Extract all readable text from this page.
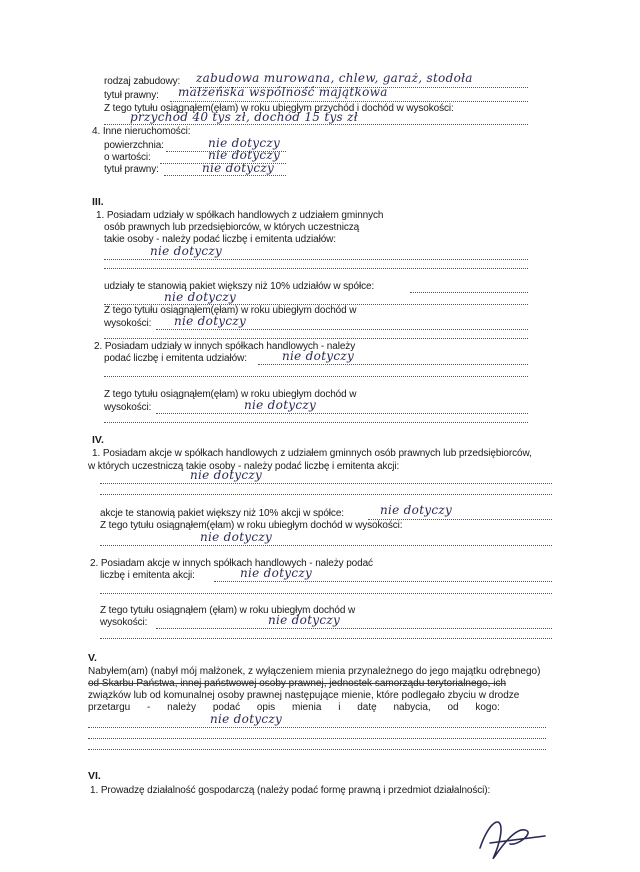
rodzaj zabudowy: zabudowa murowana, chlew, garaż, stodoła
tytuł prawny: małżeńska wspólność majątkowa
Z tego tytułu osiągnąłem(ęłam) w roku ubiegłym przychód i dochód w wysokości:
przychód 40 tys zł, dochód 15 tys zł
4. Inne nieruchomości:
powierzchnia:	nie dotyczy
o wartości:	nie dotyczy
tytuł prawny:	nie dotyczy
III.
1. Posiadam udziały w spółkach handlowych z udziałem gminnych
osób prawnych lub przedsiębiorców, w których uczestniczą
takie osoby - należy podać liczbę i emitenta udziałów:
nie dotyczy
udziały te stanowią pakiet większy niż 10% udziałów w spółce:
nie dotyczy
Z tego tytułu osiągnąłem(ęłam) w roku ubiegłym dochód w
wysokości: nie dotyczy
2. Posiadam udziały w innych spółkach handlowych - należy
podać liczbę i emitenta udziałów:	nie dotyczy
Z tego tytułu osiągnąłem(ęłam) w roku ubiegłym dochód w
wysokości:	nie dotyczy
IV.
1. Posiadam akcje w spółkach handlowych z udziałem gminnych osób prawnych lub przedsiębiorców,
w których uczestniczą takie osoby - należy podać liczbę i emitenta akcji:
nie dotyczy
akcje te stanowią pakiet większy niż 10% akcji w spółce:	nie dotyczy
Z tego tytułu osiągnąłem(ęłam) w roku ubiegłym dochód w wysokości:
nie dotyczy
2. Posiadam akcje w innych spółkach handlowych - należy podać
liczbę i emitenta akcji:	nie dotyczy
Z tego tytułu osiągnąłem (ęłam) w roku ubiegłym dochód w
wysokości:	nie dotyczy
V.
Nabyłem(am) (nabył mój małżonek, z wyłączeniem mienia przynależnego do jego majątku odrębnego)
od Skarbu Państwa, innej państwowej osoby prawnej, jednostek samorządu terytorialnego, ich
związków lub od komunalnej osoby prawnej następujące mienie, które podlegało zbyciu w drodze
przetargu - należy podać opis mienia i datę nabycia, od kogo:
nie dotyczy
VI.
1. Prowadzę działalność gospodarczą (należy podać formę prawną i przedmiot działalności):
